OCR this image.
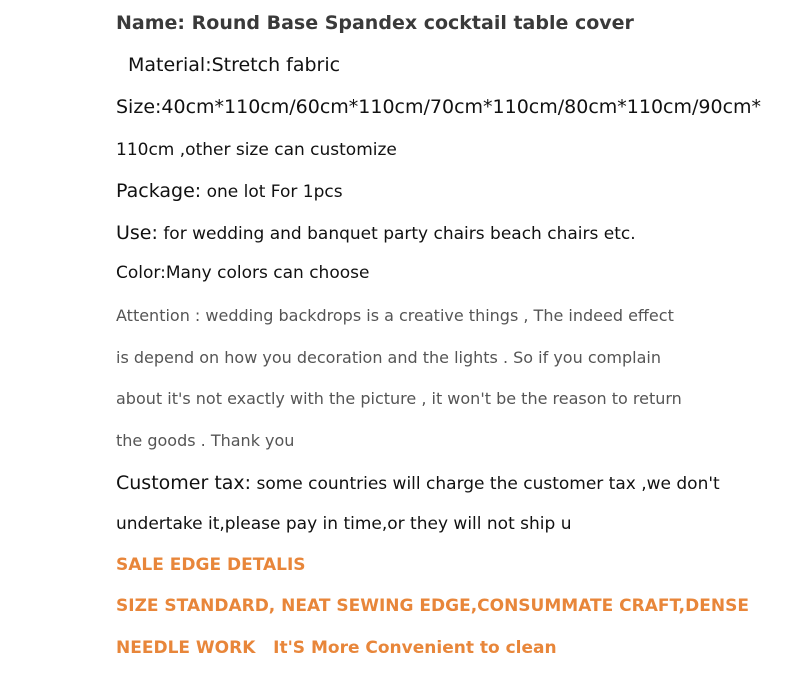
Name: Round Base Spandex cocktail table cover
Material:Stretch fabric
Size:40cm*110cm/60cm*110cm/70cm*110cm/80cm*110cm/90cm*
110cm ,other size can customize
Package: one lot For 1pcs
Use: for wedding and banquet party chairs beach chairs etc.
Color:Many colors can choose
Attention : wedding backdrops is a creative things , The indeed effect
is depend on how you decoration and the lights . So if you complain
about it's not exactly with the picture , it won't be the reason to return
the goods . Thank you
Customer tax: some countries will charge the customer tax ,we don't
undertake it,please pay in time,or they will not ship u
SALE EDGE DETALIS
SIZE STANDARD, NEAT SEWING EDGE,CONSUMMATE CRAFT,DENSE
NEEDLE WORK   It'S More Convenient to clean
